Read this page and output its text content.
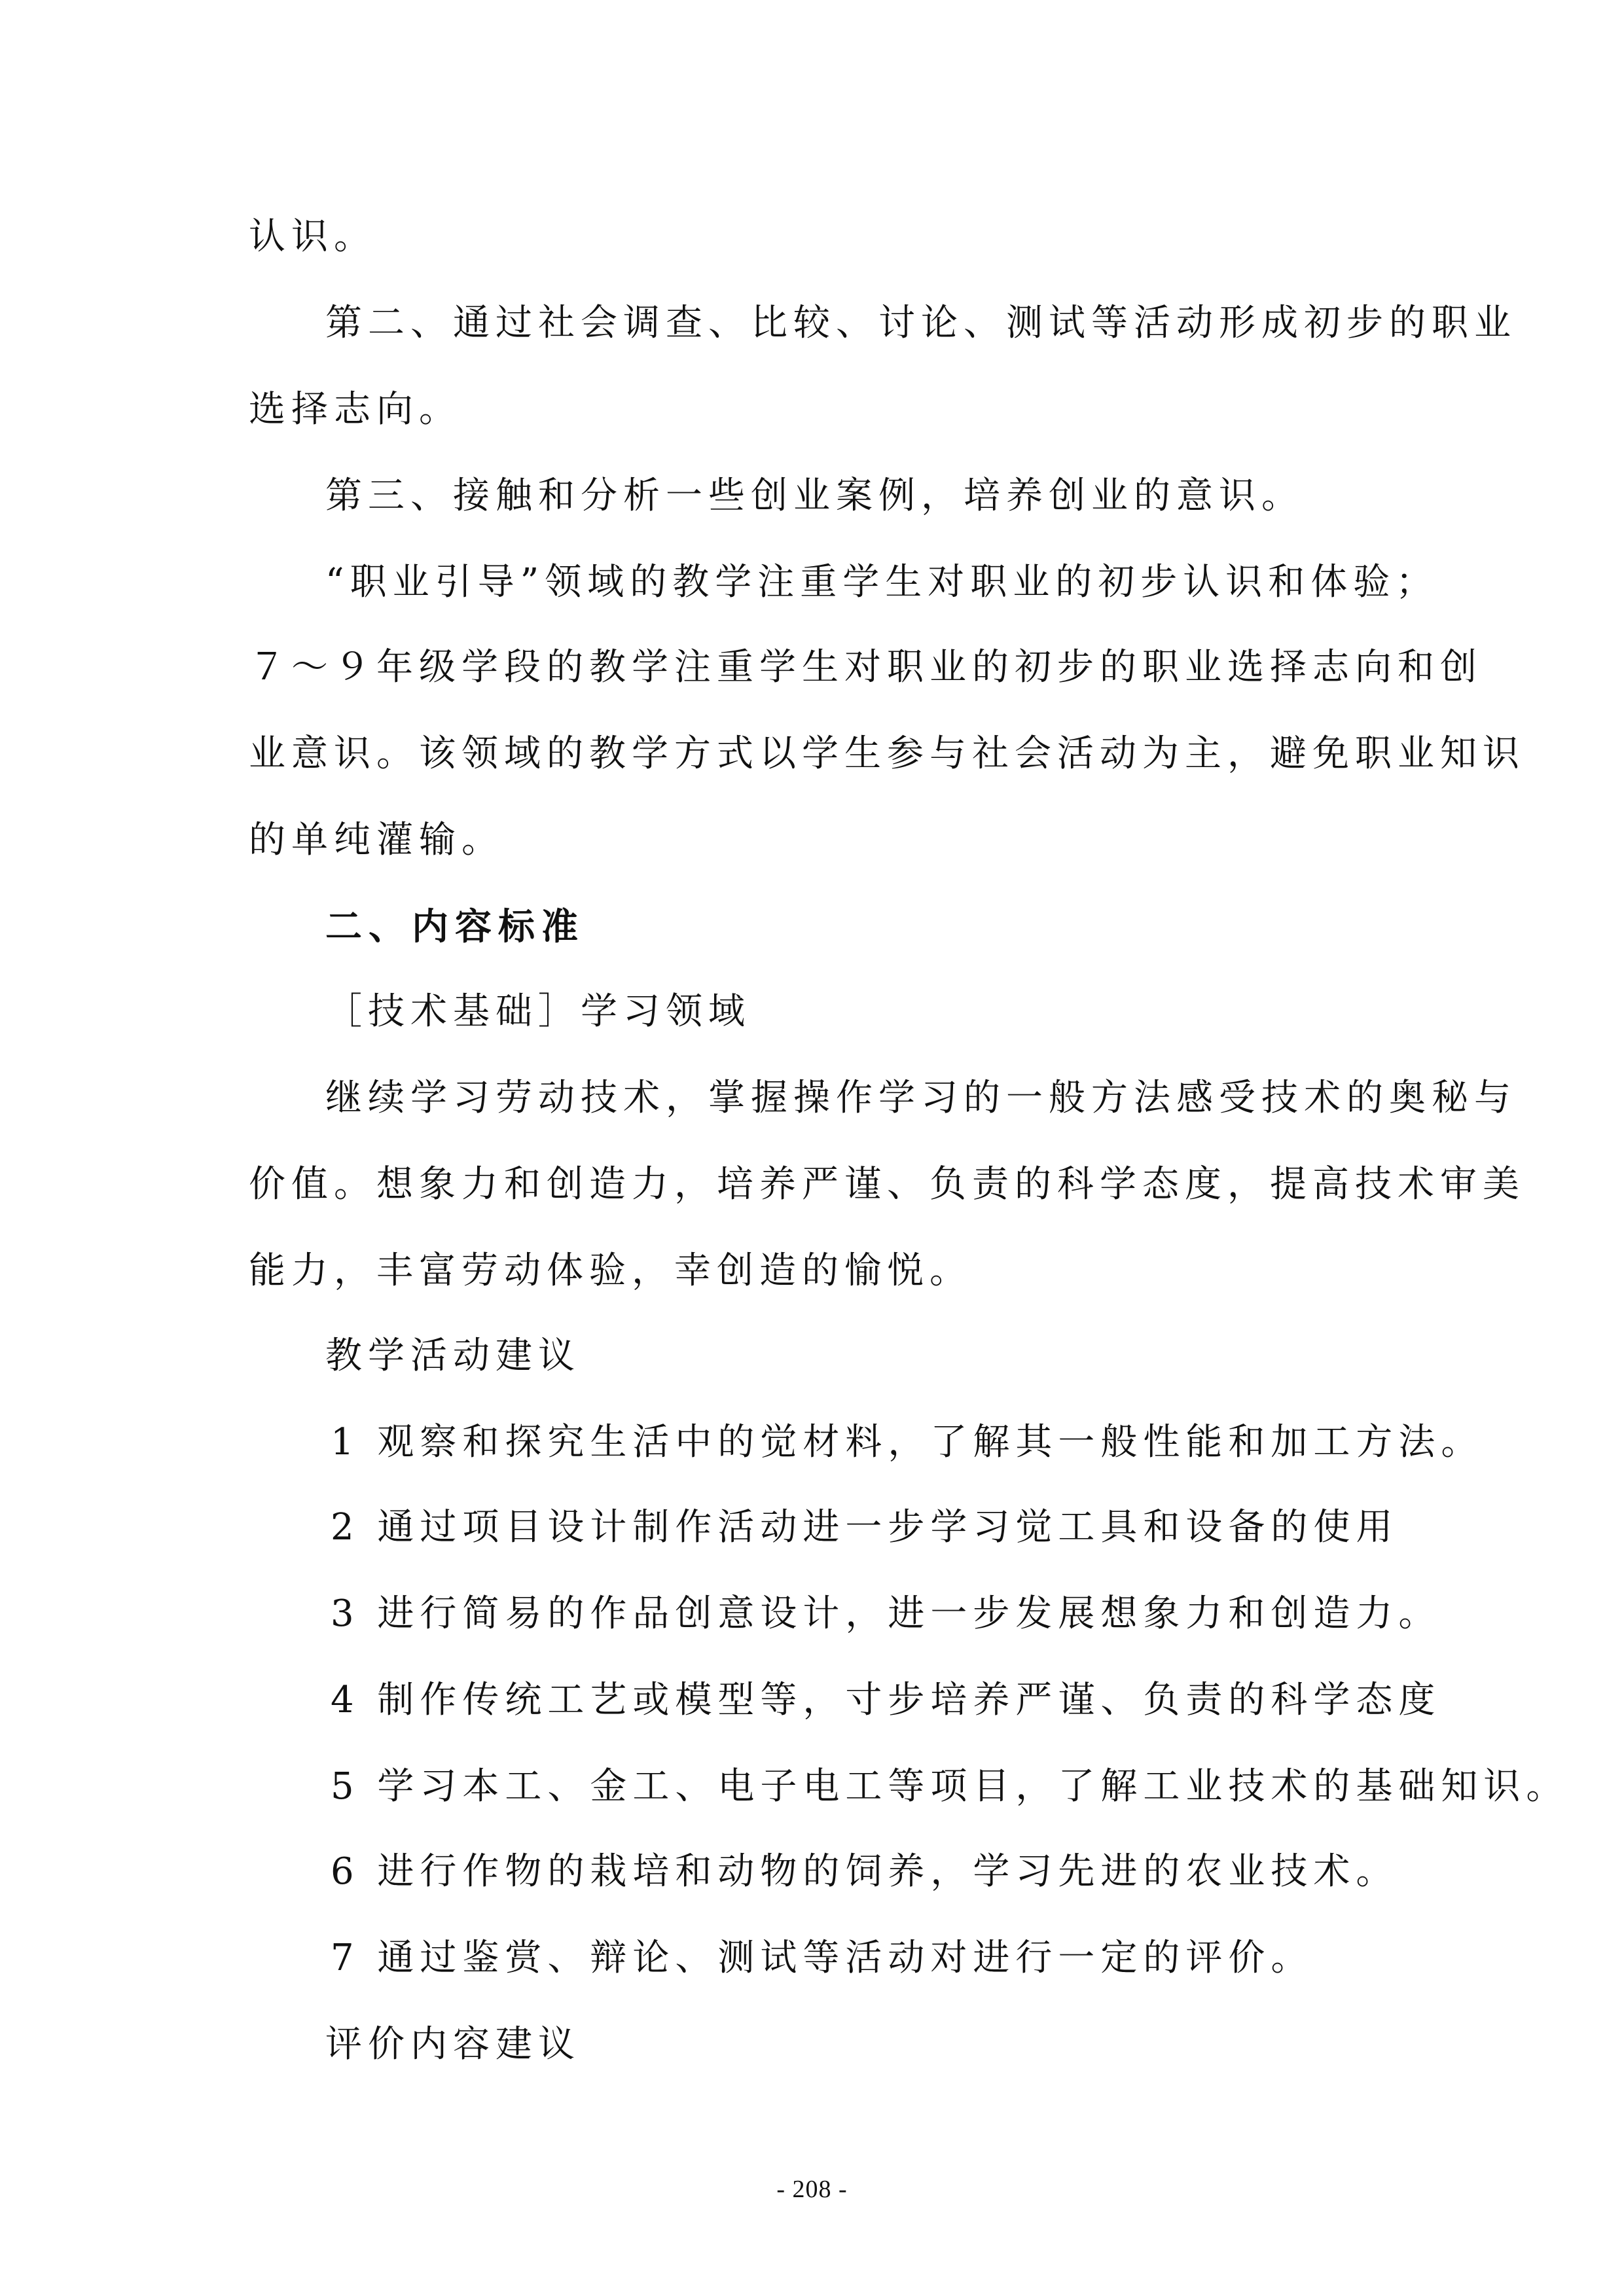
认识。
第二、通过社会调查、比较、讨论、测试等活动形成初步的职业
选择志向。
第三、接触和分析一些创业案例，培养创业的意识。
“职业引导”领域的教学注重学生对职业的初步认识和体验；
７～９年级学段的教学注重学生对职业的初步的职业选择志向和创
业意识。该领域的教学方式以学生参与社会活动为主，避免职业知识
的单纯灌输。
二、内容标准
［技术基础］学习领域
继续学习劳动技术，掌握操作学习的一般方法感受技术的奥秘与
价值。想象力和创造力，培养严谨、负责的科学态度，提高技术审美
能力，丰富劳动体验，幸创造的愉悦。
教学活动建议
1 观察和探究生活中的觉材料，了解其一般性能和加工方法。
2 通过项目设计制作活动进一步学习觉工具和设备的使用
3 进行简易的作品创意设计，进一步发展想象力和创造力。
4 制作传统工艺或模型等，寸步培养严谨、负责的科学态度
5 学习本工、金工、电子电工等项目，了解工业技术的基础知识。
6 进行作物的栽培和动物的饲养，学习先进的农业技术。
7 通过鉴赏、辩论、测试等活动对进行一定的评价。
评价内容建议
- 208 -
